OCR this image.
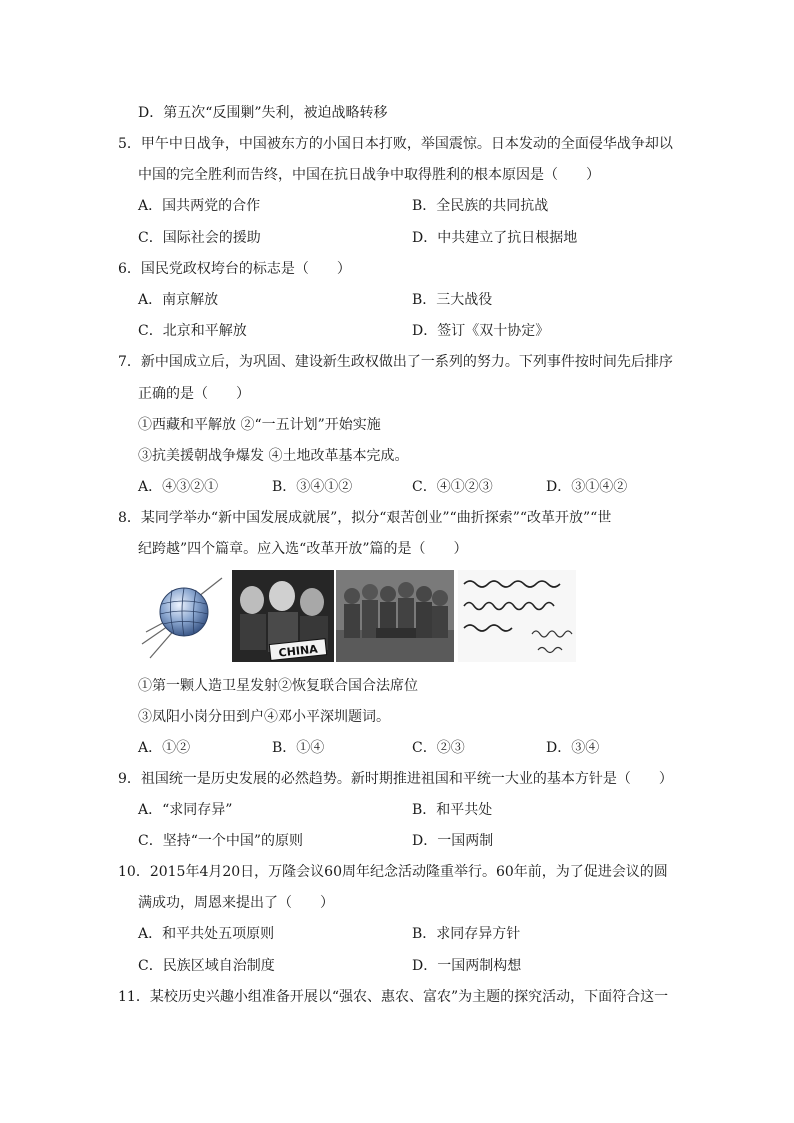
D．第五次“反围剿”失利，被迫战略转移
5．甲午中日战争，中国被东方的小国日本打败，举国震惊。日本发动的全面侵华战争却以
中国的完全胜利而告终，中国在抗日战争中取得胜利的根本原因是（　　）
A．国共两党的合作	B．全民族的共同抗战
C．国际社会的援助	D．中共建立了抗日根据地
6．国民党政权垮台的标志是（　　）
A．南京解放	B．三大战役
C．北京和平解放	D．签订《双十协定》
7．新中国成立后，为巩固、建设新生政权做出了一系列的努力。下列事件按时间先后排序
正确的是（　　）
①西藏和平解放 ②“一五计划”开始实施
③抗美援朝战争爆发 ④土地改革基本完成。
A．④③②①	B．③④①②	C．④①②③	D．③①④②
8．某同学举办“新中国发展成就展”，拟分“艰苦创业”“曲折探索”“改革开放”“世
纪跨越”四个篇章。应入选“改革开放”篇的是（　　）
CHINA
①第一颗人造卫星发射②恢复联合国合法席位
③凤阳小岗分田到户④邓小平深圳题词。
A．①②	B．①④	C．②③	D．③④
9．祖国统一是历史发展的必然趋势。新时期推进祖国和平统一大业的基本方针是（　　）
A．“求同存异”	B．和平共处
C．坚持“一个中国”的原则	D．一国两制
10．2015年4月20日，万隆会议60周年纪念活动隆重举行。60年前，为了促进会议的圆
满成功，周恩来提出了（　　）
A．和平共处五项原则	B．求同存异方针
C．民族区域自治制度	D．一国两制构想
11．某校历史兴趣小组准备开展以“强农、惠农、富农”为主题的探究活动，下面符合这一
